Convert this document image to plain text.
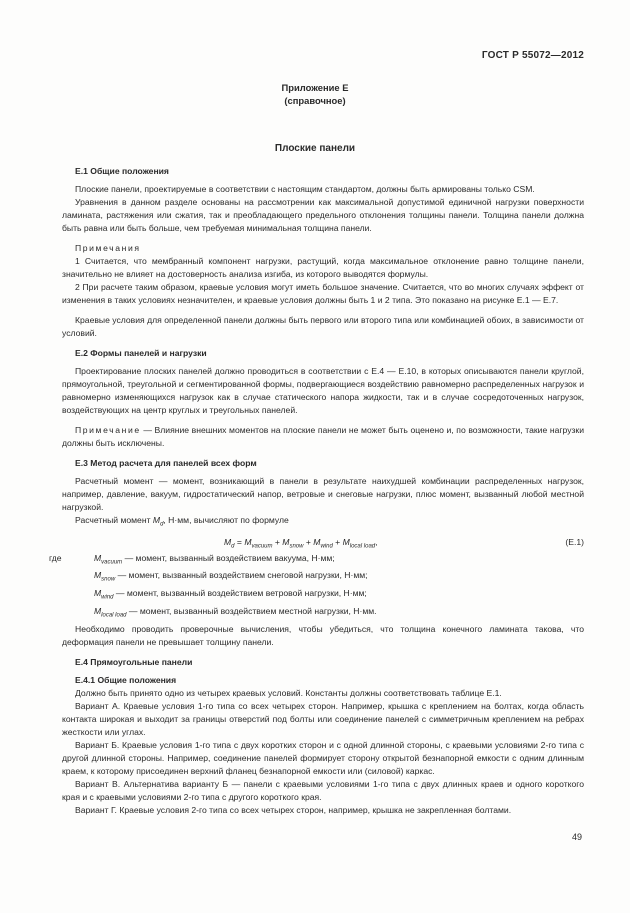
ГОСТ Р 55072—2012
Приложение Е
(справочное)
Плоские панели
Е.1 Общие положения

Плоские панели, проектируемые в соответствии с настоящим стандартом, должны быть армированы только CSM.

Уравнения в данном разделе основаны на рассмотрении как максимальной допустимой единичной нагрузки поверхности ламината, растяжения или сжатия, так и преобладающего предельного отклонения толщины панели. Толщина панели должна быть равна или быть больше, чем требуемая минимальная толщина панели.

Примечания

1 Считается, что мембранный компонент нагрузки, растущий, когда максимальное отклонение равно толщине панели, значительно не влияет на достоверность анализа изгиба, из которого выводятся формулы.

2 При расчете таким образом, краевые условия могут иметь большое значение. Считается, что во многих случаях эффект от изменения в таких условиях незначителен, и краевые условия должны быть 1 и 2 типа. Это показано на рисунке Е.1 — Е.7.

Краевые условия для определенной панели должны быть первого или второго типа или комбинацией обоих, в зависимости от условий.

Е.2 Формы панелей и нагрузки

Проектирование плоских панелей должно проводиться в соответствии с Е.4 — Е.10, в которых описываются панели круглой, прямоугольной, треугольной и сегментированной формы, подвергающиеся воздействию равномерно распределенных нагрузок и равномерно изменяющихся нагрузок как в случае статического напора жидкости, так и в случае сосредоточенных нагрузок, воздействующих на центр круглых и треугольных панелей.

Примечание — Влияние внешних моментов на плоские панели не может быть оценено и, по возможности, такие нагрузки должны быть исключены.

Е.3 Метод расчета для панелей всех форм

Расчетный момент — момент, возникающий в панели в результате наихудшей комбинации распределенных нагрузок, например, давление, вакуум, гидростатический напор, ветровые и снеговые нагрузки, плюс момент, вызванный любой местной нагрузкой.

Расчетный момент $M_d$, Н·мм, вычисляют по формуле

$M_d = M_{vacuum} + M_{snow} + M_{wind} + M_{local load}$,	(Е.1)
где	$M_{vacuum}$ — момент, вызванный воздействием вакуума, Н·мм;
$M_{snow}$ — момент, вызванный воздействием снеговой нагрузки, Н·мм;
$M_{wind}$ — момент, вызванный воздействием ветровой нагрузки, Н·мм;
$M_{local load}$ — момент, вызванный воздействием местной нагрузки, Н·мм.

Необходимо проводить проверочные вычисления, чтобы убедиться, что толщина конечного ламината такова, что деформация панели не превышает толщину панели.

Е.4 Прямоугольные панели
Е.4.1 Общие положения

Должно быть принято одно из четырех краевых условий. Константы должны соответствовать таблице Е.1.

Вариант А. Краевые условия 1-го типа со всех четырех сторон. Например, крышка с креплением на болтах, когда область контакта широкая и выходит за границы отверстий под болты или соединение панелей с симметричным креплением на ребрах жесткости или углах.

Вариант Б. Краевые условия 1-го типа с двух коротких сторон и с одной длинной стороны, с краевыми условиями 2-го типа с другой длинной стороны. Например, соединение панелей формирует сторону открытой безнапорной емкости с одним длинным краем, к которому присоединен верхний фланец безнапорной емкости или (силовой) каркас.

Вариант В. Альтернатива варианту Б — панели с краевыми условиями 1-го типа с двух длинных краев и одного короткого края и с краевыми условиями 2-го типа с другого короткого края.

Вариант Г. Краевые условия 2-го типа со всех четырех сторон, например, крышка не закрепленная болтами.

49
